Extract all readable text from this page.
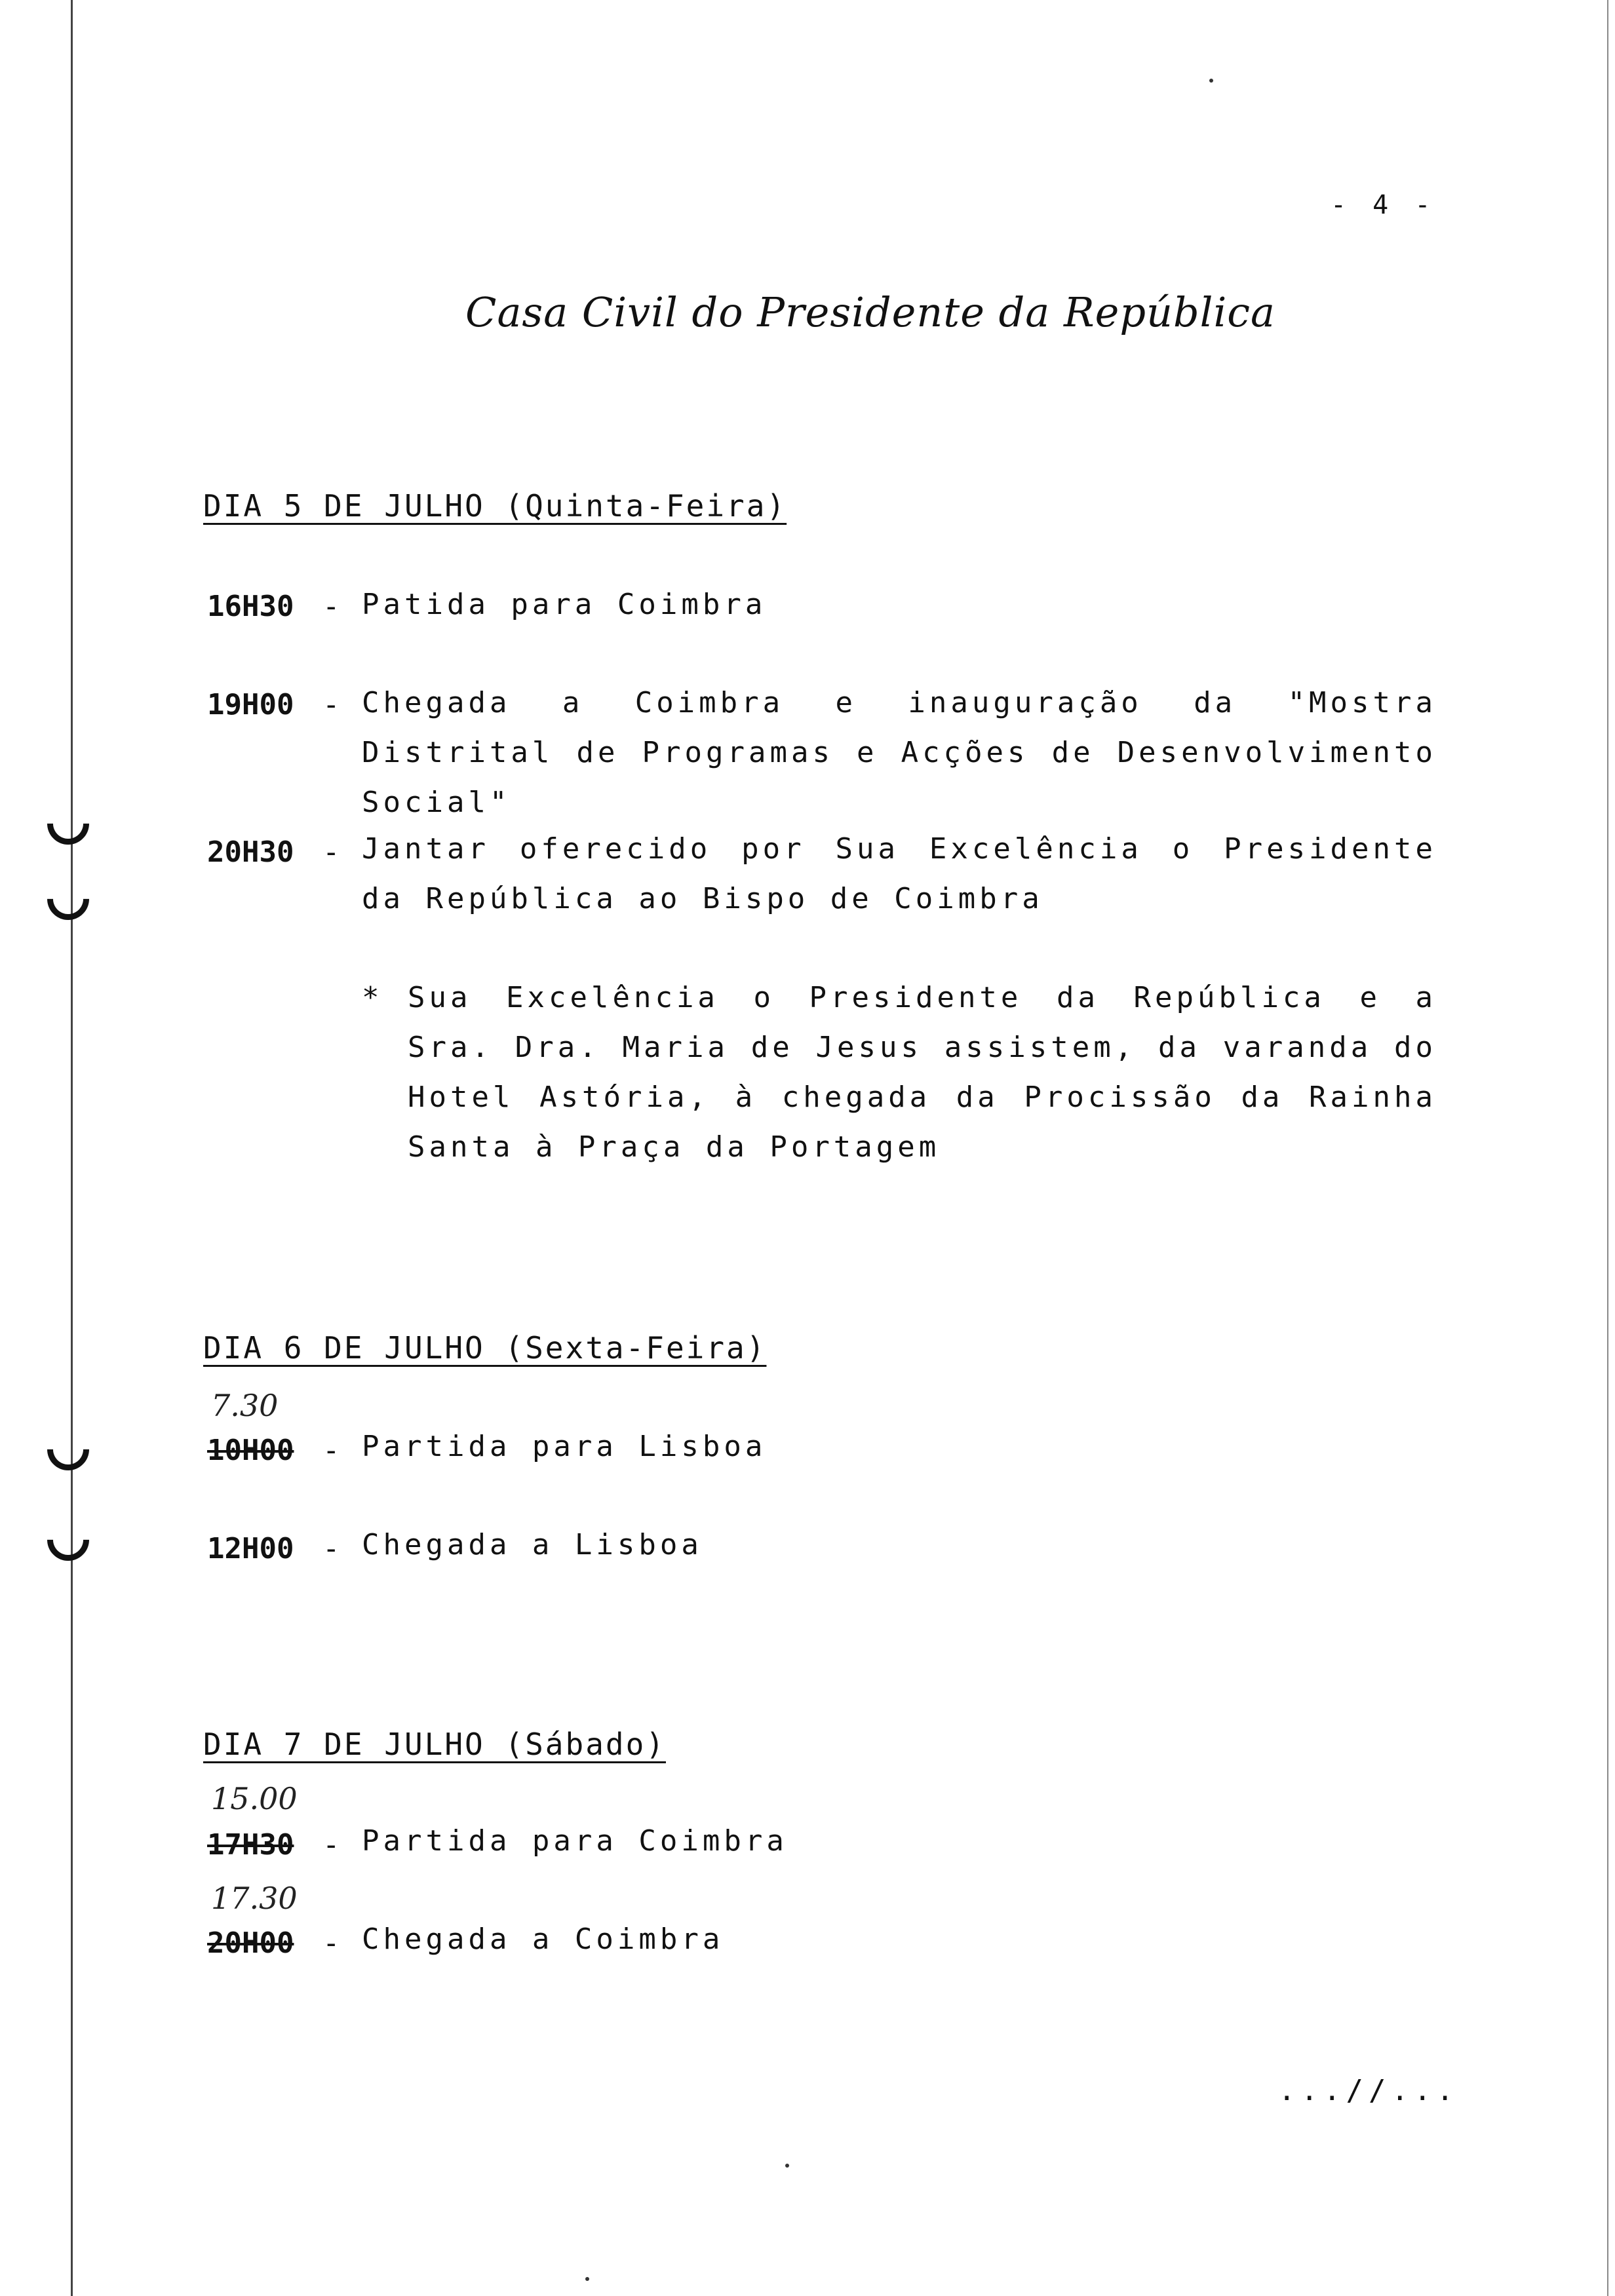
- 4 -
Casa Civil do Presidente da República
DIA 5 DE JULHO (Quinta-Feira)
16H30 - Patida para Coimbra
19H00 - Chegada a Coimbra e inauguração da "Mostra Distrital de Programas e Acções de Desenvolvimento Social"
20H30 - Jantar oferecido por Sua Excelência o Presidente da República ao Bispo de Coimbra
* Sua Excelência o Presidente da República e a Sra. Dra. Maria de Jesus assistem, da varanda do Hotel Astória, à chegada da Procissão da Rainha Santa à Praça da Portagem
DIA 6 DE JULHO (Sexta-Feira)
7.30
10H00 - Partida para Lisboa
12H00 - Chegada a Lisboa
DIA 7 DE JULHO (Sábado)
15.00
17H30 - Partida para Coimbra
17.30
20H00 - Chegada a Coimbra
...//...
